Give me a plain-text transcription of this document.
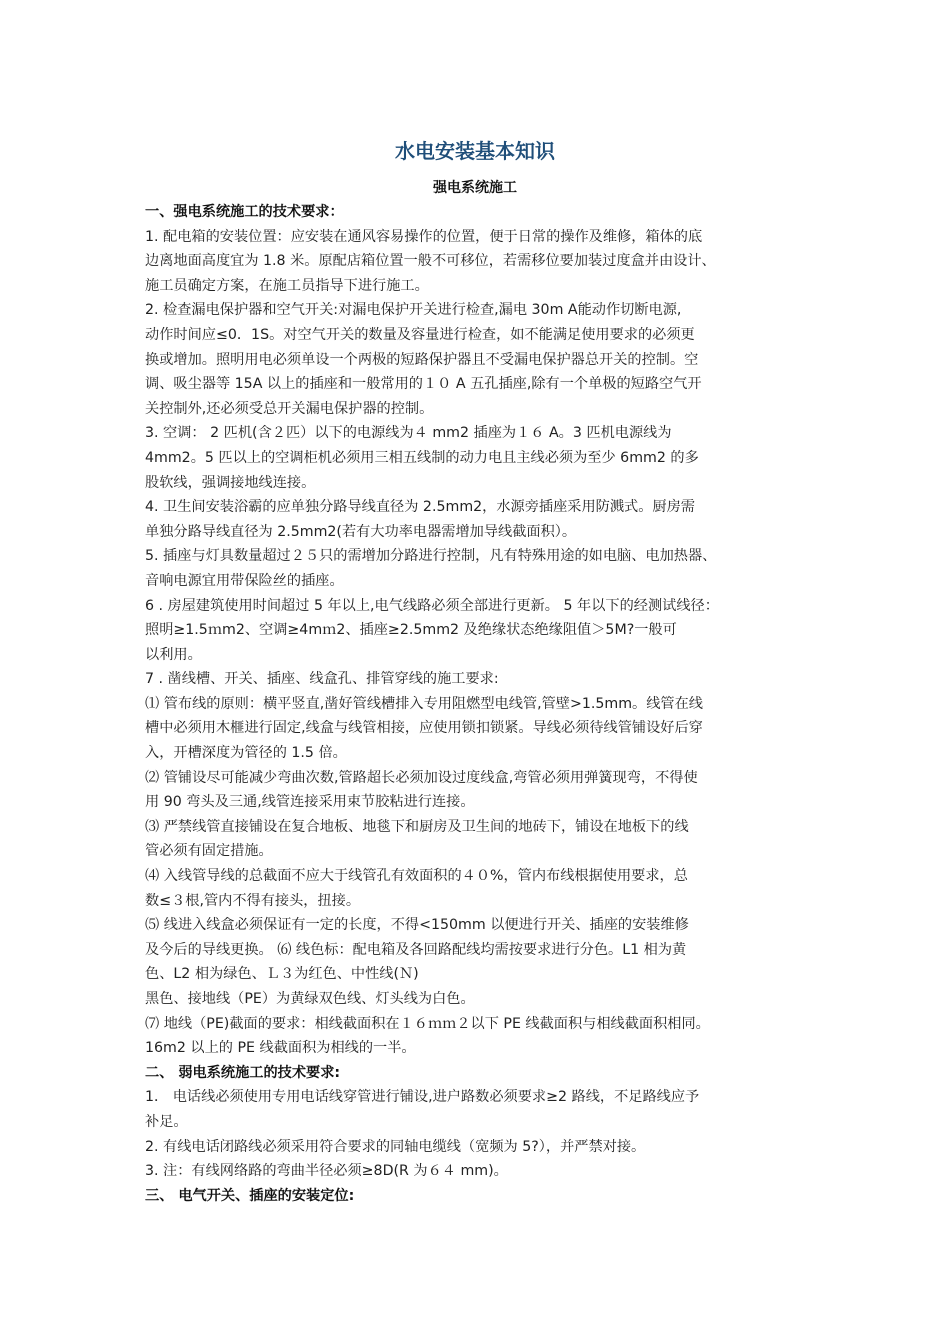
水电安装基本知识
强电系统施工
一、强电系统施工的技术要求：
1. 配电箱的安装位置：应安装在通风容易操作的位置，便于日常的操作及维修，箱体的底
边离地面高度宜为 1.8 米。原配店箱位置一般不可移位，若需移位要加装过度盒并由设计、
施工员确定方案，在施工员指导下进行施工。
2. 检查漏电保护器和空气开关:对漏电保护开关进行检查,漏电 30m A能动作切断电源,
动作时间应≤0．1S。对空气开关的数量及容量进行检查，如不能满足使用要求的必须更
换或增加。照明用电必须单设一个两极的短路保护器且不受漏电保护器总开关的控制。空
调、吸尘器等 15A 以上的插座和一般常用的１０ A 五孔插座,除有一个单极的短路空气开
关控制外,还必须受总开关漏电保护器的控制。
3. 空调： 2 匹机(含２匹）以下的电源线为４ mm2 插座为１６ A。3 匹机电源线为
4mm2。5 匹以上的空调柜机必须用三相五线制的动力电且主线必须为至少 6mm2 的多
股软线，强调接地线连接。
4. 卫生间安装浴霸的应单独分路导线直径为 2.5mm2，水源旁插座采用防溅式。厨房需
单独分路导线直径为 2.5mm2(若有大功率电器需增加导线截面积）。
5. 插座与灯具数量超过２５只的需增加分路进行控制，凡有特殊用途的如电脑、电加热器、
音响电源宜用带保险丝的插座。
6 . 房屋建筑使用时间超过 5 年以上,电气线路必须全部进行更新。 5 年以下的经测试线径：
照明≥1.5ｍm2、空调≥4mｍ2、插座≥2.5mm2 及绝缘状态绝缘阻值＞5M?一般可
以利用。
7 . 凿线槽、开关、插座、线盒孔、排管穿线的施工要求:
⑴ 管布线的原则：横平竖直,凿好管线槽排入专用阻燃型电线管,管壁>1.5mm。线管在线
槽中必须用木榧进行固定,线盒与线管相接，应使用锁扣锁紧。导线必须待线管铺设好后穿
入，开槽深度为管径的 1.5 倍。
⑵ 管铺设尽可能减少弯曲次数,管路超长必须加设过度线盒,弯管必须用弹簧现弯，不得使
用 90 弯头及三通,线管连接采用束节胶粘进行连接。
⑶ 严禁线管直接铺设在复合地板、地毯下和厨房及卫生间的地砖下，铺设在地板下的线
管必须有固定措施。
⑷ 入线管导线的总截面不应大于线管孔有效面积的４０%，管内布线根据使用要求，总
数≤３根,管内不得有接头，扭接。
⑸ 线进入线盒必须保证有一定的长度，不得<150mm 以便进行开关、插座的安装维修
及今后的导线更换。 ⑹ 线色标：配电箱及各回路配线均需按要求进行分色。L1 相为黄
色、L2 相为绿色、Ｌ３为红色、中性线(Ｎ)
黑色、接地线（PE）为黄绿双色线、灯头线为白色。
⑺ 地线（PE)截面的要求：相线截面积在１６ｍｍ２以下 PE 线截面积与相线截面积相同。
16m2 以上的 PE 线截面积为相线的一半。
二、 弱电系统施工的技术要求:
1． 电话线必须使用专用电话线穿管进行铺设,进户路数必须要求≥2 路线，不足路线应予
补足。
2. 有线电话闭路线必须采用符合要求的同轴电缆线（宽频为 5?），并严禁对接。
3. 注：有线网络路的弯曲半径必须≥8D(R 为６４ mm)。
三、 电气开关、插座的安装定位:
